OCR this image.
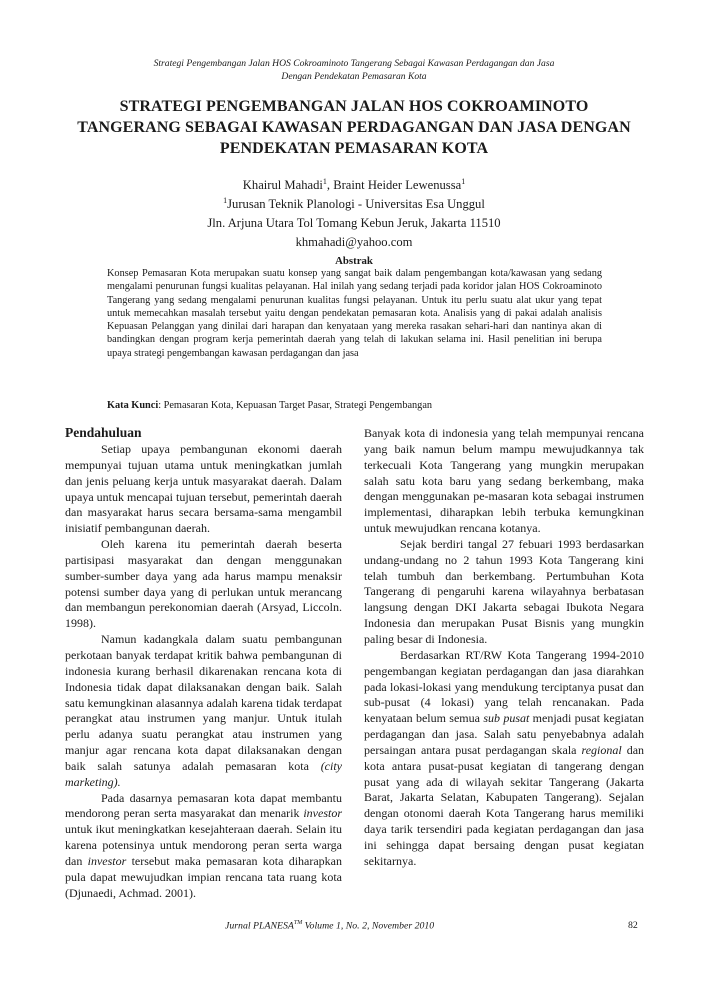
Strategi Pengembangan Jalan HOS Cokroaminoto Tangerang Sebagai Kawasan Perdagangan dan Jasa
Dengan Pendekatan Pemasaran Kota
STRATEGI PENGEMBANGAN JALAN HOS COKROAMINOTO
TANGERANG SEBAGAI KAWASAN PERDAGANGAN DAN JASA DENGAN
PENDEKATAN PEMASARAN KOTA
Khairul Mahadi$^1$, Braint Heider Lewenussa$^1$
$^1$Jurusan Teknik Planologi - Universitas Esa Unggul
Jln. Arjuna Utara Tol Tomang Kebun Jeruk, Jakarta 11510
khmahadi@yahoo.com
Abstrak
Konsep Pemasaran Kota merupakan suatu konsep yang sangat baik dalam pengembangan kota/kawasan yang sedang mengalami penurunan fungsi kualitas pelayanan. Hal inilah yang sedang terjadi pada koridor jalan HOS Cokroaminoto Tangerang yang sedang mengalami penurunan kualitas fungsi pelayanan. Untuk itu perlu suatu alat ukur yang tepat untuk memecahkan masalah tersebut yaitu dengan pendekatan pemasaran kota. Analisis yang di pakai adalah analisis Kepuasan Pelanggan yang dinilai dari harapan dan kenyataan yang mereka rasakan sehari-hari dan nantinya akan di bandingkan dengan program kerja pemerintah daerah yang telah di lakukan selama ini. Hasil penelitian ini berupa upaya strategi pengembangan kawasan perdagangan dan jasa
Kata Kunci: Pemasaran Kota, Kepuasan Target Pasar, Strategi Pengembangan
Pendahuluan

Setiap upaya pembangunan ekonomi daerah mempunyai tujuan utama untuk meningkatkan jumlah dan jenis peluang kerja untuk masyarakat daerah. Dalam upaya untuk mencapai tujuan tersebut, pemerintah daerah dan masyarakat harus secara bersama-sama mengambil inisiatif pembangunan daerah.

Oleh karena itu pemerintah daerah beserta partisipasi masyarakat dan dengan menggunakan sumber-sumber daya yang ada harus mampu menaksir potensi sumber daya yang di perlukan untuk merancang dan membangun perekonomian daerah (Arsyad, Liccoln. 1998).

Namun kadangkala dalam suatu pembangunan perkotaan banyak terdapat kritik bahwa pembangunan di indonesia kurang berhasil dikarenakan rencana kota di Indonesia tidak dapat dilaksanakan dengan baik. Salah satu kemungkinan alasannya adalah karena tidak terdapat perangkat atau instrumen yang manjur. Untuk itulah perlu adanya suatu perangkat atau instrumen yang manjur agar rencana kota dapat dilaksanakan dengan baik salah satunya adalah pemasaran kota (city marketing).

Pada dasarnya pemasaran kota dapat membantu mendorong peran serta masyarakat dan menarik investor untuk ikut meningkatkan kesejahteraan daerah. Selain itu karena potensinya untuk mendorong peran serta warga dan investor tersebut maka pemasaran kota diharapkan pula dapat mewujudkan impian rencana tata ruang kota (Djunaedi, Achmad. 2001).

Banyak kota di indonesia yang telah mempunyai rencana yang baik namun belum mampu mewujudkannya tak terkecuali Kota Tangerang yang mungkin merupakan salah satu kota baru yang sedang berkembang, maka dengan menggunakan pe-masaran kota sebagai instrumen implementasi, diharapkan lebih terbuka kemungkinan untuk mewujudkan rencana kotanya.

Sejak berdiri tangal 27 febuari 1993 berdasarkan undang-undang no 2 tahun 1993 Kota Tangerang kini telah tumbuh dan berkembang. Pertumbuhan Kota Tangerang di pengaruhi karena wilayahnya berbatasan langsung dengan DKI Jakarta sebagai Ibukota Negara Indonesia dan merupakan Pusat Bisnis yang mungkin paling besar di Indonesia.

Berdasarkan RT/RW Kota Tangerang 1994-2010 pengembangan kegiatan perdagangan dan jasa diarahkan pada lokasi-lokasi yang mendukung terciptanya pusat dan sub-pusat (4 lokasi) yang telah rencanakan. Pada kenyataan belum semua sub pusat menjadi pusat kegiatan perdagangan dan jasa. Salah satu penyebabnya adalah persaingan antara pusat perdagangan skala regional dan kota antara pusat-pusat kegiatan di tangerang dengan pusat yang ada di wilayah sekitar Tangerang (Jakarta Barat, Jakarta Selatan, Kabupaten Tangerang). Sejalan dengan otonomi daerah Kota Tangerang harus memiliki daya tarik tersendiri pada kegiatan perdagangan dan jasa ini sehingga dapat bersaing dengan pusat kegiatan sekitarnya.

Jurnal PLANESA™ Volume 1, No. 2, November 2010	82
